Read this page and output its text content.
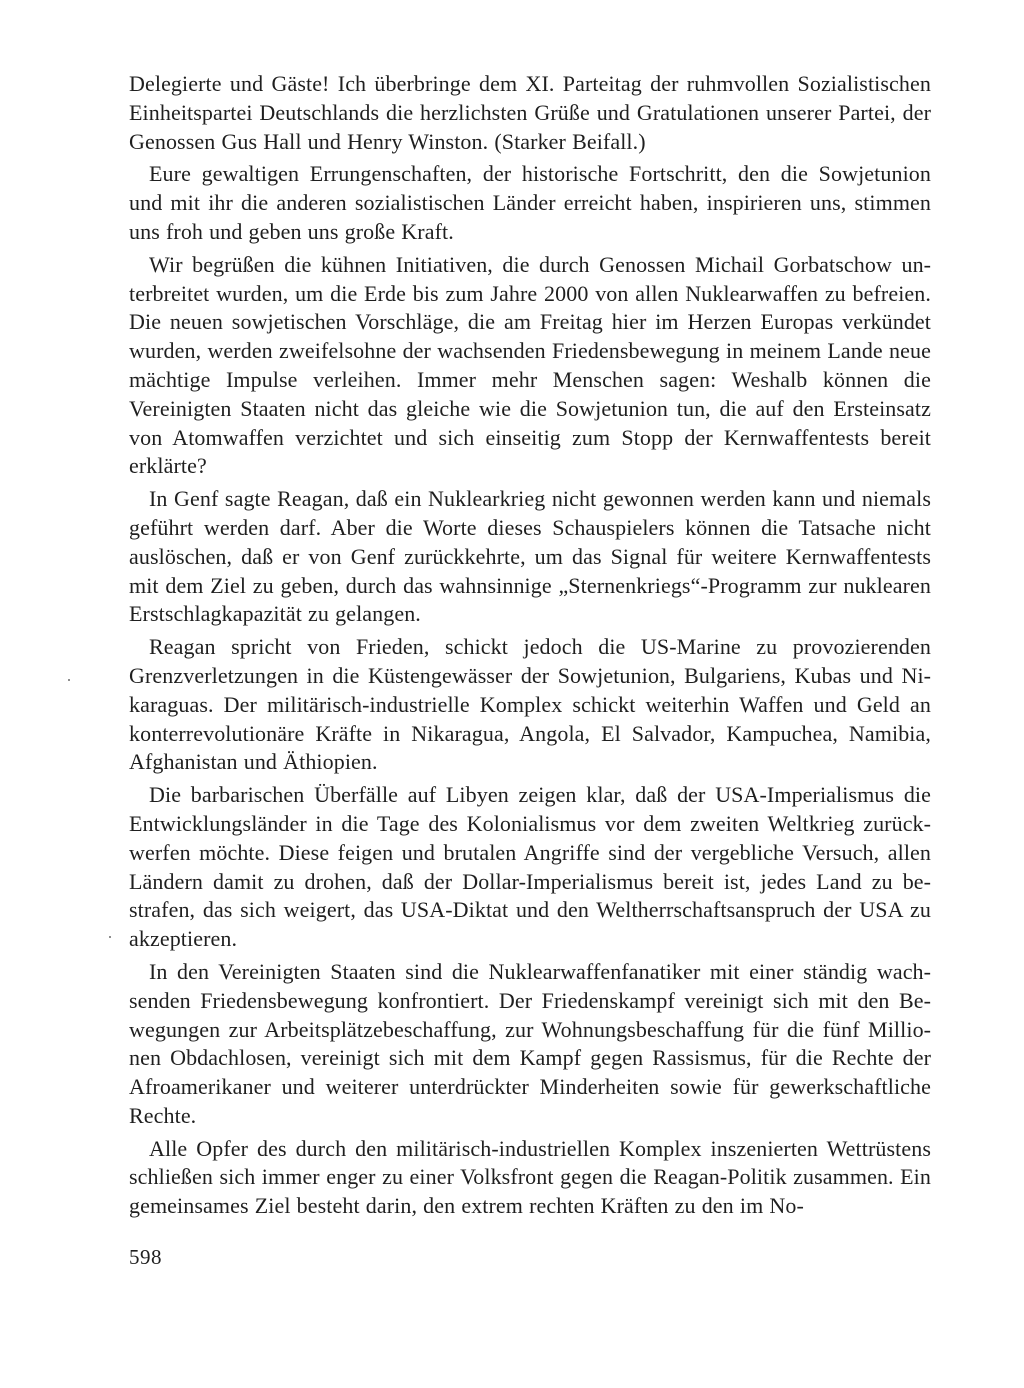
Delegierte und Gäste! Ich überbringe dem XI. Parteitag der ruhmvollen Sozialistischen Einheitspartei Deutschlands die herzlichsten Grüße und Gratulationen unserer Partei, der Genossen Gus Hall und Henry Winston. (Starker Beifall.)

Eure gewaltigen Errungenschaften, der historische Fortschritt, den die Sowjetunion und mit ihr die anderen sozialistischen Länder erreicht haben, inspirieren uns, stimmen uns froh und geben uns große Kraft.

Wir begrüßen die kühnen Initiativen, die durch Genossen Michail Gorbatschow unterbreitet wurden, um die Erde bis zum Jahre 2000 von allen Nuklearwaffen zu befreien. Die neuen sowjetischen Vorschläge, die am Freitag hier im Herzen Europas verkündet wurden, werden zweifelsohne der wachsenden Friedensbewegung in meinem Lande neue mächtige Impulse verleihen. Immer mehr Menschen sagen: Weshalb können die Vereinigten Staaten nicht das gleiche wie die Sowjetunion tun, die auf den Ersteinsatz von Atomwaffen verzichtet und sich einseitig zum Stopp der Kernwaffentests bereit erklärte?

In Genf sagte Reagan, daß ein Nuklearkrieg nicht gewonnen werden kann und niemals geführt werden darf. Aber die Worte dieses Schauspielers können die Tatsache nicht auslöschen, daß er von Genf zurückkehrte, um das Signal für weitere Kernwaffentests mit dem Ziel zu geben, durch das wahnsinnige „Sternenkriegs“-Programm zur nuklearen Erstschlagkapazität zu gelangen.

Reagan spricht von Frieden, schickt jedoch die US-Marine zu provozierenden Grenzverletzungen in die Küstengewässer der Sowjetunion, Bulgariens, Kubas und Nikaraguas. Der militärisch-industrielle Komplex schickt weiterhin Waffen und Geld an konterrevolutionäre Kräfte in Nikaragua, Angola, El Salvador, Kampuchea, Namibia, Afghanistan und Äthiopien.

Die barbarischen Überfälle auf Libyen zeigen klar, daß der USA-Imperialismus die Entwicklungsländer in die Tage des Kolonialismus vor dem zweiten Weltkrieg zurückwerfen möchte. Diese feigen und brutalen Angriffe sind der vergebliche Versuch, allen Ländern damit zu drohen, daß der Dollar-Imperialismus bereit ist, jedes Land zu bestrafen, das sich weigert, das USA-Diktat und den Weltherrschaftsanspruch der USA zu akzeptieren.

In den Vereinigten Staaten sind die Nuklearwaffenfanatiker mit einer ständig wachsenden Friedensbewegung konfrontiert. Der Friedenskampf vereinigt sich mit den Bewegungen zur Arbeitsplätzebeschaffung, zur Wohnungsbeschaffung für die fünf Millionen Obdachlosen, vereinigt sich mit dem Kampf gegen Rassismus, für die Rechte der Afroamerikaner und weiterer unterdrückter Minderheiten sowie für gewerkschaftliche Rechte.

Alle Opfer des durch den militärisch-industriellen Komplex inszenierten Wettrüstens schließen sich immer enger zu einer Volksfront gegen die Reagan-Politik zusammen. Ein gemeinsames Ziel besteht darin, den extrem rechten Kräften zu den im No-

598
